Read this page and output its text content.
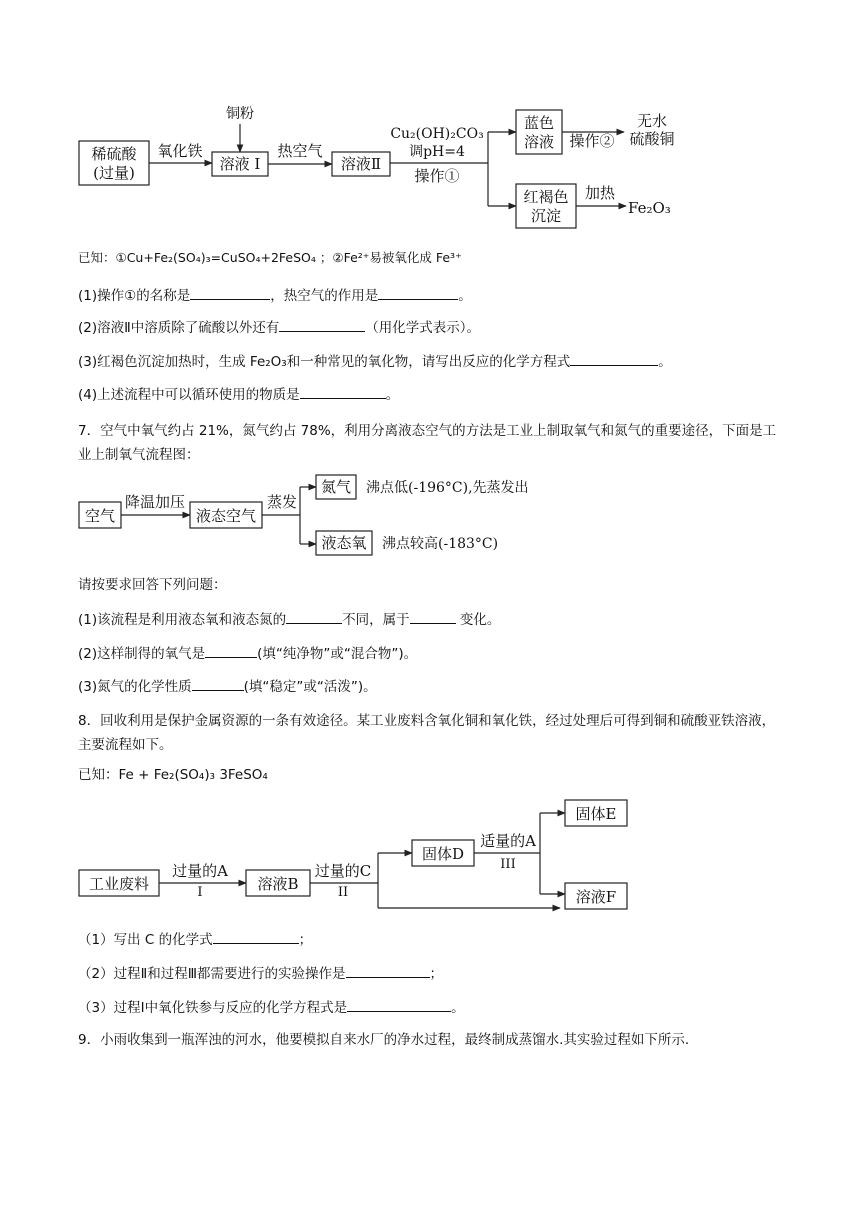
稀硫酸
(过量)
氧化铁
铜粉
溶液 I
热空气
溶液Ⅱ
Cu₂(OH)₂CO₃
调pH=4
操作①
蓝色
溶液 操作②
无水
硫酸铜
红褐色
沉淀
加热
Fe₂O₃
已知：①Cu+Fe₂(SO₄)₃=CuSO₄+2FeSO₄ ；②Fe²⁺易被氧化成 Fe³⁺
(1)操作①的名称是	，热空气的作用是	。
(2)溶液Ⅱ中溶质除了硫酸以外还有	（用化学式表示）。
(3)红褐色沉淀加热时，生成 Fe₂O₃和一种常见的氧化物，请写出反应的化学方程式	。
(4)上述流程中可以循环使用的物质是	。
7．空气中氧气约占 21%，氮气约占 78%，利用分离液态空气的方法是工业上制取氧气和氮气的重要途径，下面是工业上制氧气流程图：
空气
降温加压
液态空气
蒸发
氮气 沸点低(-196°C),先蒸发出
液态氧 沸点较高(-183°C)
请按要求回答下列问题：
(1)该流程是利用液态氧和液态氮的	不同，属于	变化。
(2)这样制得的氧气是	(填“纯净物”或“混合物”)。
(3)氮气的化学性质	(填“稳定”或“活泼”)。
8．回收利用是保护金属资源的一条有效途径。某工业废料含氧化铜和氧化铁，经过处理后可得到铜和硫酸亚铁溶液，主要流程如下。
已知：Fe + Fe₂(SO₄)₃ 3FeSO₄
工业废料
过量的A
I	溶液B
过量的C
II
固体D
适量的A
III
固体E
溶液F
（1）写出 C 的化学式	；
（2）过程Ⅱ和过程Ⅲ都需要进行的实验操作是	；
（3）过程Ⅰ中氧化铁参与反应的化学方程式是	。
9．小雨收集到一瓶浑浊的河水，他要模拟自来水厂的净水过程，最终制成蒸馏水.其实验过程如下所示.
